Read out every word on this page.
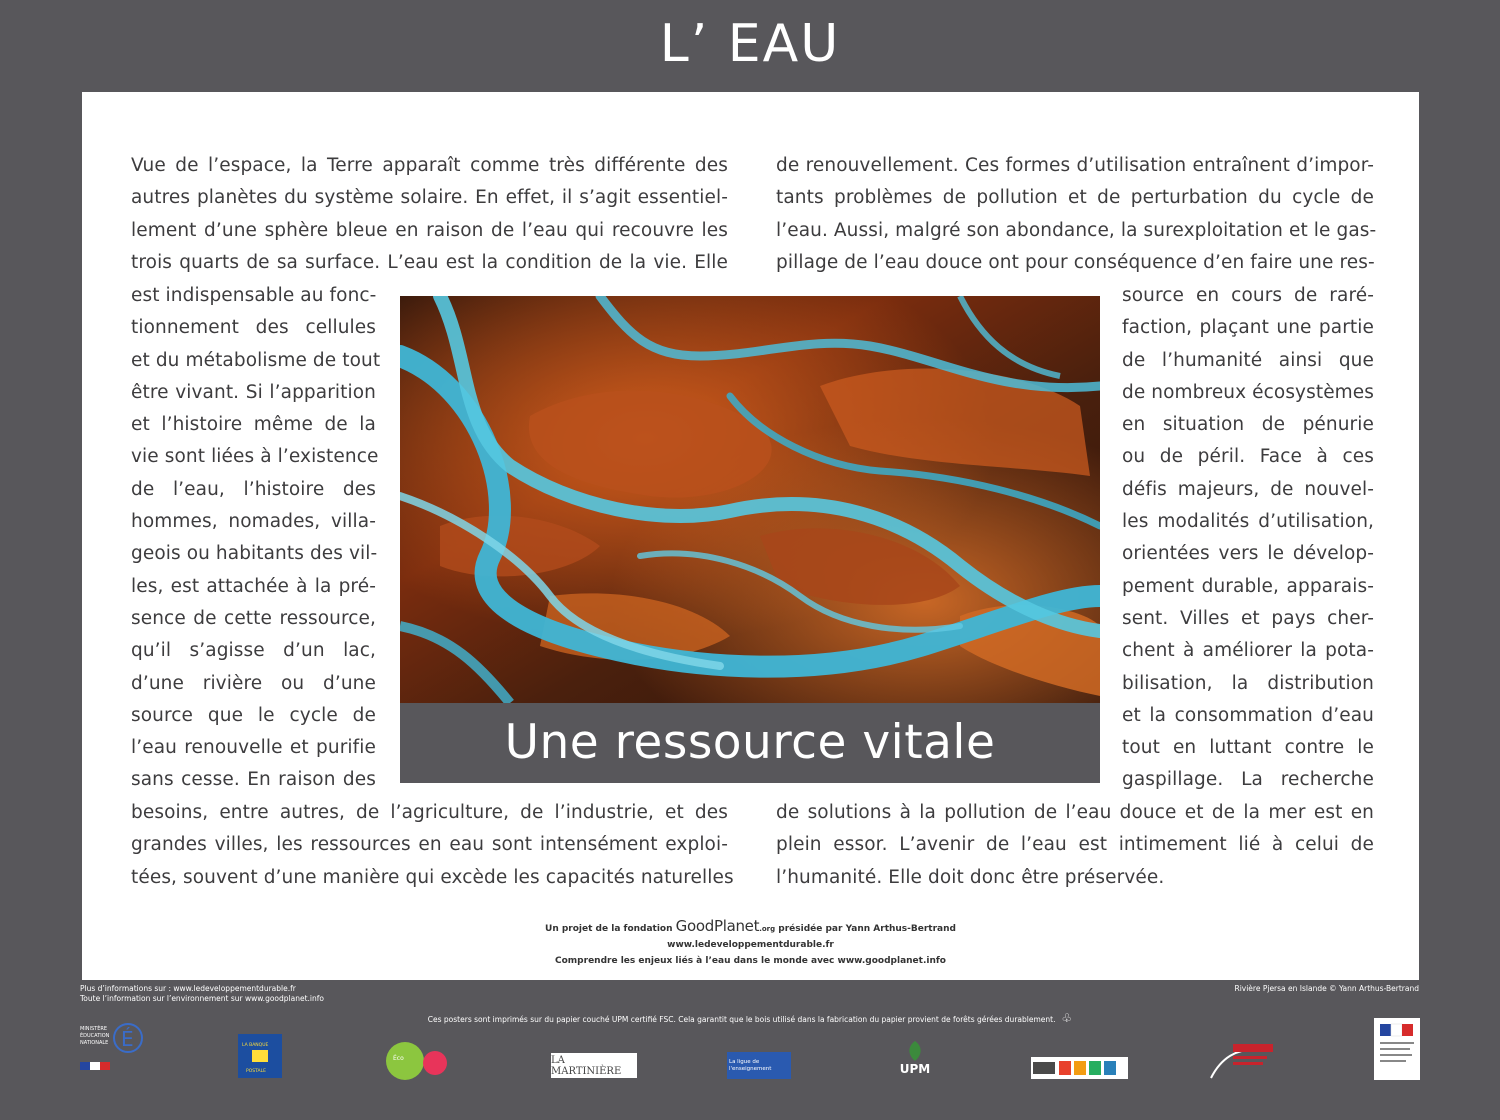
L’ EAU
Vue de l’espace, la Terre apparaît comme très différente des
autres planètes du système solaire. En effet, il s’agit essentiel-
lement d’une sphère bleue en raison de l’eau qui recouvre les
trois quarts de sa surface. L’eau est la condition de la vie. Elle
est indispensable au fonc-
tionnement des cellules
et du métabolisme de tout
être vivant. Si l’apparition
et l’histoire même de la
vie sont liées à l’existence
de l’eau, l’histoire des
hommes, nomades, villa-
geois ou habitants des vil-
les, est attachée à la pré-
sence de cette ressource,
qu’il s’agisse d’un lac,
d’une rivière ou d’une
source que le cycle de
l’eau renouvelle et purifie
sans cesse. En raison des
besoins, entre autres, de l’agriculture, de l’industrie, et des
grandes villes, les ressources en eau sont intensément exploi-
tées, souvent d’une manière qui excède les capacités naturelles
de renouvellement. Ces formes d’utilisation entraînent d’impor-
tants problèmes de pollution et de perturbation du cycle de
l’eau. Aussi, malgré son abondance, la surexploitation et le gas-
pillage de l’eau douce ont pour conséquence d’en faire une res-
source en cours de raré-
faction, plaçant une partie
de l’humanité ainsi que
de nombreux écosystèmes
en situation de pénurie
ou de péril. Face à ces
défis majeurs, de nouvel-
les modalités d’utilisation,
orientées vers le dévelop-
pement durable, apparais-
sent. Villes et pays cher-
chent à améliorer la pota-
bilisation, la distribution
et la consommation d’eau
tout en luttant contre le
gaspillage. La recherche
de solutions à la pollution de l’eau douce et de la mer est en
plein essor. L’avenir de l’eau est intimement lié à celui de
l’humanité. Elle doit donc être préservée.
Une ressource vitale
Un projet de la fondation GoodPlanet.org présidée par Yann Arthus-Bertrand
www.ledeveloppementdurable.fr
Comprendre les enjeux liés à l’eau dans le monde avec www.goodplanet.info
Plus d’informations sur : www.ledeveloppementdurable.fr
Toute l’information sur l’environnement sur www.goodplanet.info
Rivière Pjersa en Islande © Yann Arthus-Bertrand
Ces posters sont imprimés sur du papier couché UPM certifié FSC. Cela garantit que le bois utilisé dans la fabrication du papier provient de forêts gérées durablement. ♧
MINISTÈRE
ÉDUCATION
NATIONALE É	LA BANQUE
POSTALE
Éco	LA MARTINIÈRE
La ligue de l'enseignement	UPM
